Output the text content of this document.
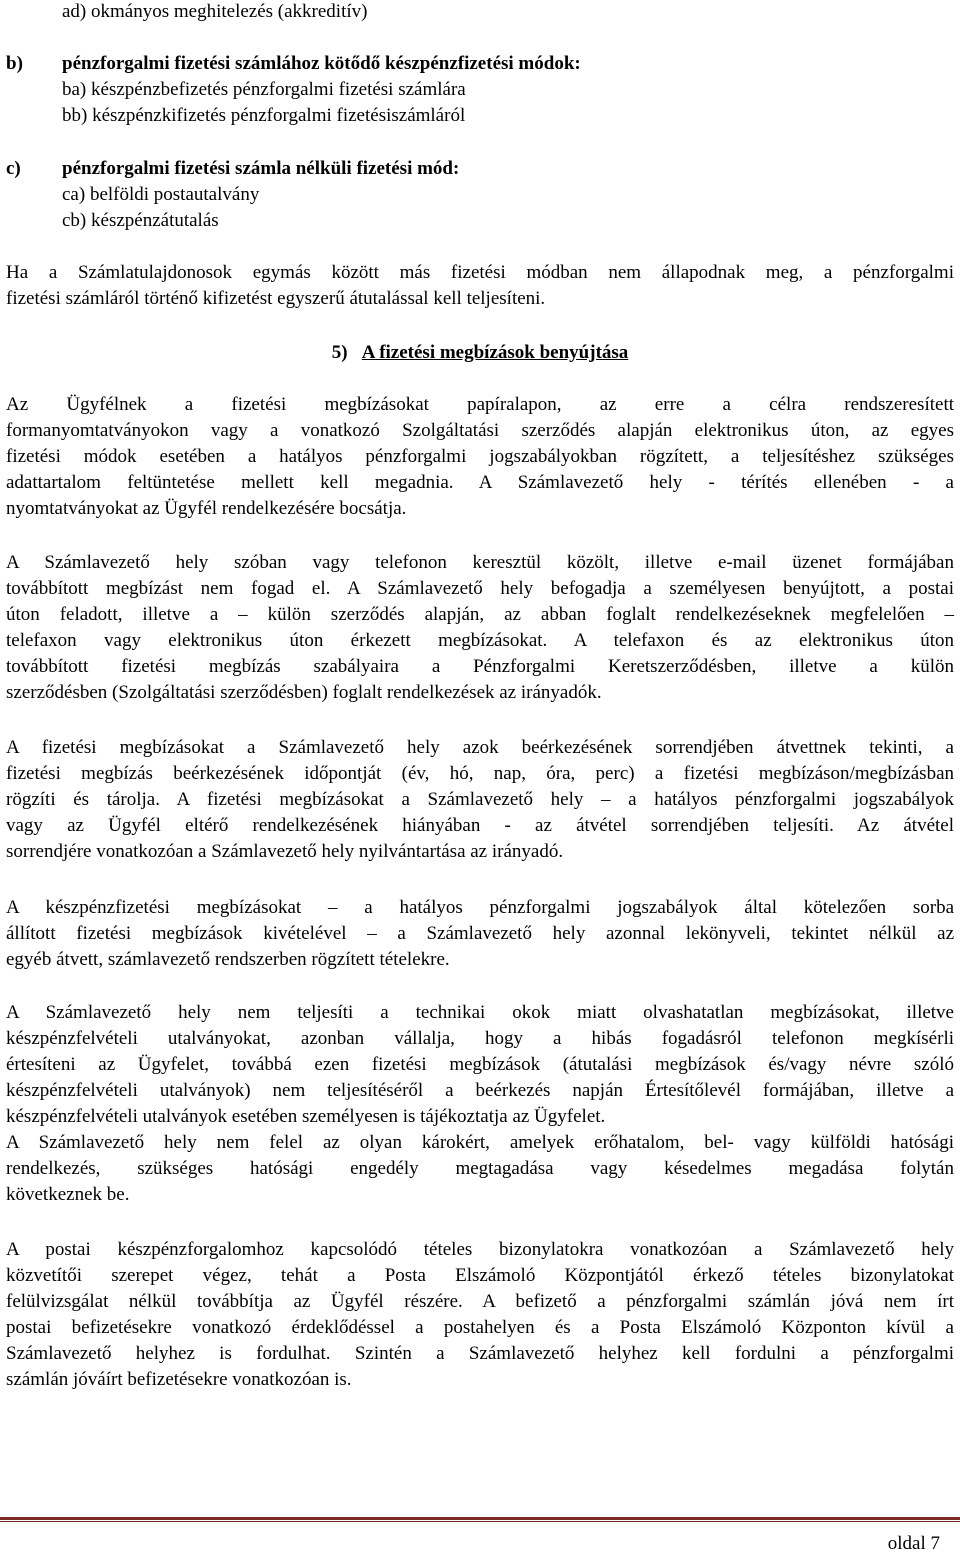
ad) okmányos meghitelezés (akkreditív)
b) pénzforgalmi fizetési számlához kötődő készpénzfizetési módok:
ba) készpénzbefizetés pénzforgalmi fizetési számlára
bb) készpénzkifizetés pénzforgalmi fizetésiszámláról
c) pénzforgalmi fizetési számla nélküli fizetési mód:
ca) belföldi postautalvány
cb) készpénzátutalás
Ha a Számlatulajdonosok egymás között más fizetési módban nem állapodnak meg, a pénzforgalmi
fizetési számláról történő kifizetést egyszerű átutalással kell teljesíteni.
5) A fizetési megbízások benyújtása
Az Ügyfélnek a fizetési megbízásokat papíralapon, az erre a célra rendszeresített
formanyomtatványokon vagy a vonatkozó Szolgáltatási szerződés alapján elektronikus úton, az egyes
fizetési módok esetében a hatályos pénzforgalmi jogszabályokban rögzített, a teljesítéshez szükséges
adattartalom feltüntetése mellett kell megadnia. A Számlavezető hely - térítés ellenében - a
nyomtatványokat az Ügyfél rendelkezésére bocsátja.
A Számlavezető hely szóban vagy telefonon keresztül közölt, illetve e-mail üzenet formájában
továbbított megbízást nem fogad el. A Számlavezető hely befogadja a személyesen benyújtott, a postai
úton feladott, illetve a – külön szerződés alapján, az abban foglalt rendelkezéseknek megfelelően –
telefaxon vagy elektronikus úton érkezett megbízásokat. A telefaxon és az elektronikus úton
továbbított fizetési megbízás szabályaira a Pénzforgalmi Keretszerződésben, illetve a külön
szerződésben (Szolgáltatási szerződésben) foglalt rendelkezések az irányadók.
A fizetési megbízásokat a Számlavezető hely azok beérkezésének sorrendjében átvettnek tekinti, a
fizetési megbízás beérkezésének időpontját (év, hó, nap, óra, perc) a fizetési megbízáson/megbízásban
rögzíti és tárolja. A fizetési megbízásokat a Számlavezető hely – a hatályos pénzforgalmi jogszabályok
vagy az Ügyfél eltérő rendelkezésének hiányában - az átvétel sorrendjében teljesíti. Az átvétel
sorrendjére vonatkozóan a Számlavezető hely nyilvántartása az irányadó.
A készpénzfizetési megbízásokat – a hatályos pénzforgalmi jogszabályok által kötelezően sorba
állított fizetési megbízások kivételével – a Számlavezető hely azonnal lekönyveli, tekintet nélkül az
egyéb átvett, számlavezető rendszerben rögzített tételekre.
A Számlavezető hely nem teljesíti a technikai okok miatt olvashatatlan megbízásokat, illetve
készpénzfelvételi utalványokat, azonban vállalja, hogy a hibás fogadásról telefonon megkísérli
értesíteni az Ügyfelet, továbbá ezen fizetési megbízások (átutalási megbízások és/vagy névre szóló
készpénzfelvételi utalványok) nem teljesítéséről a beérkezés napján Értesítőlevél formájában, illetve a
készpénzfelvételi utalványok esetében személyesen is tájékoztatja az Ügyfelet.
A Számlavezető hely nem felel az olyan károkért, amelyek erőhatalom, bel- vagy külföldi hatósági
rendelkezés, szükséges hatósági engedély megtagadása vagy késedelmes megadása folytán
következnek be.
A postai készpénzforgalomhoz kapcsolódó tételes bizonylatokra vonatkozóan a Számlavezető hely
közvetítői szerepet végez, tehát a Posta Elszámoló Központjától érkező tételes bizonylatokat
felülvizsgálat nélkül továbbítja az Ügyfél részére. A befizető a pénzforgalmi számlán jóvá nem írt
postai befizetésekre vonatkozó érdeklődéssel a postahelyen és a Posta Elszámoló Központon kívül a
Számlavezető helyhez is fordulhat. Szintén a Számlavezető helyhez kell fordulni a pénzforgalmi
számlán jóváírt befizetésekre vonatkozóan is.
oldal 7
